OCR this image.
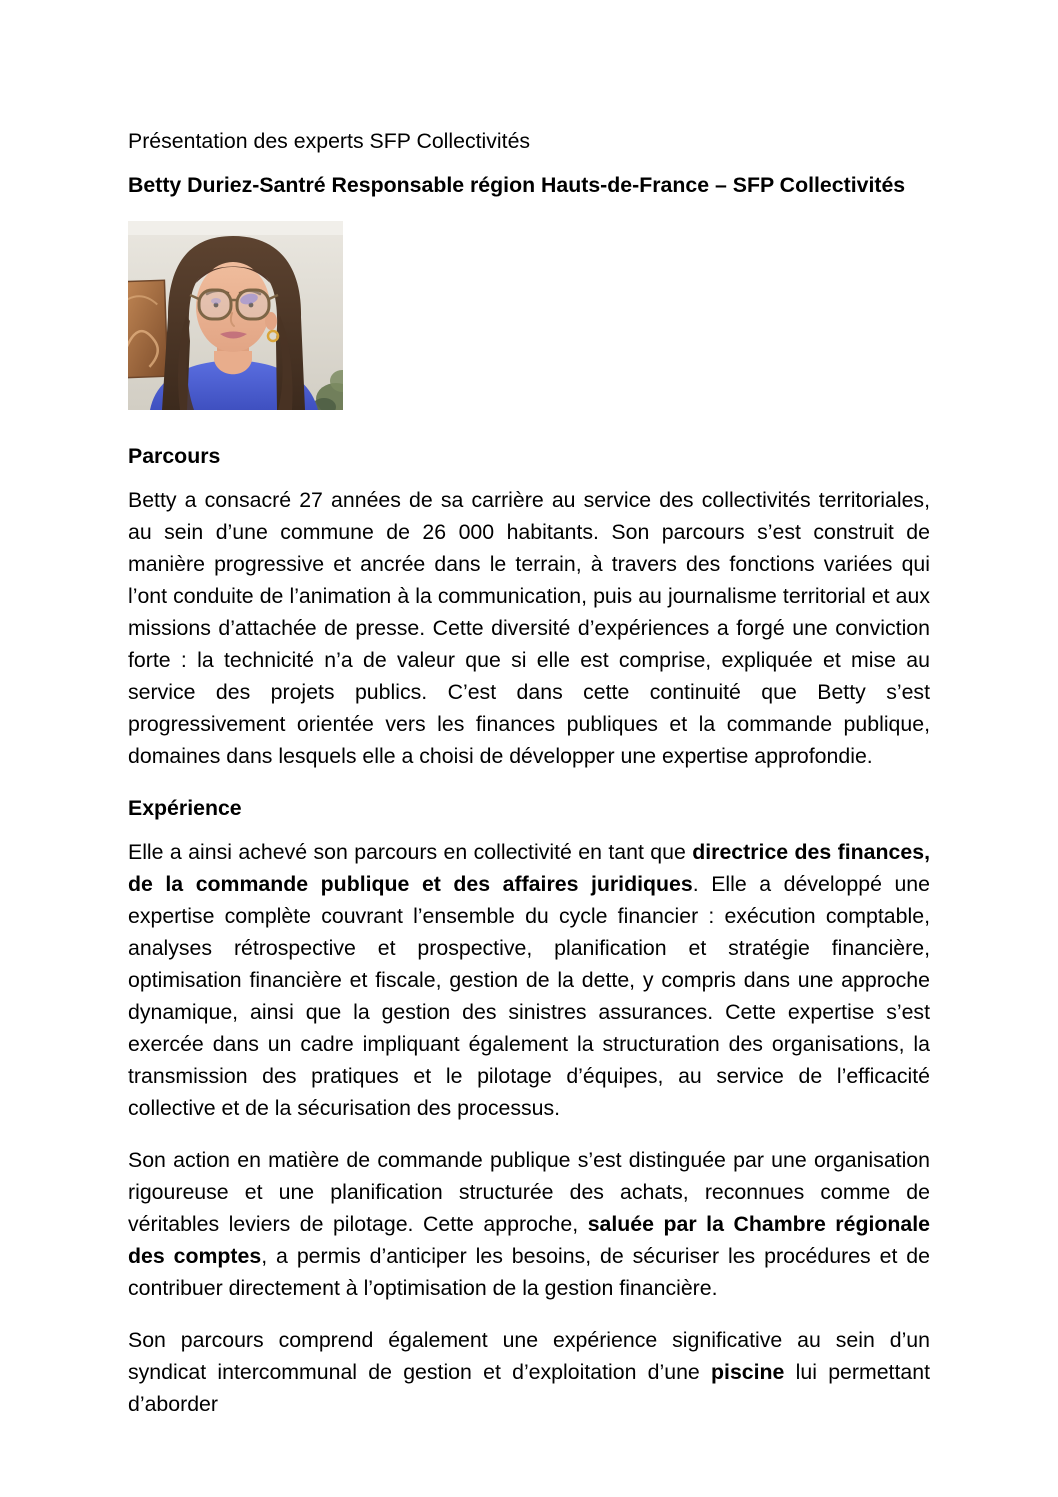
Présentation des experts SFP Collectivités

Betty Duriez-Santré Responsable région Hauts-de-France – SFP Collectivités

Parcours

Betty a consacré 27 années de sa carrière au service des collectivités territoriales, au sein d’une commune de 26 000 habitants. Son parcours s’est construit de manière progressive et ancrée dans le terrain, à travers des fonctions variées qui l’ont conduite de l’animation à la communication, puis au journalisme territorial et aux missions d’attachée de presse. Cette diversité d’expériences a forgé une conviction forte : la technicité n’a de valeur que si elle est comprise, expliquée et mise au service des projets publics. C’est dans cette continuité que Betty s’est progressivement orientée vers les finances publiques et la commande publique, domaines dans lesquels elle a choisi de développer une expertise approfondie.

Expérience

Elle a ainsi achevé son parcours en collectivité en tant que directrice des finances, de la commande publique et des affaires juridiques. Elle a développé une expertise complète couvrant l’ensemble du cycle financier : exécution comptable, analyses rétrospective et prospective, planification et stratégie financière, optimisation financière et fiscale, gestion de la dette, y compris dans une approche dynamique, ainsi que la gestion des sinistres assurances. Cette expertise s’est exercée dans un cadre impliquant également la structuration des organisations, la transmission des pratiques et le pilotage d’équipes, au service de l’efficacité collective et de la sécurisation des processus.

Son action en matière de commande publique s’est distinguée par une organisation rigoureuse et une planification structurée des achats, reconnues comme de véritables leviers de pilotage. Cette approche, saluée par la Chambre régionale des comptes, a permis d’anticiper les besoins, de sécuriser les procédures et de contribuer directement à l’optimisation de la gestion financière.

Son parcours comprend également une expérience significative au sein d’un syndicat intercommunal de gestion et d’exploitation d’une piscine lui permettant d’aborder
